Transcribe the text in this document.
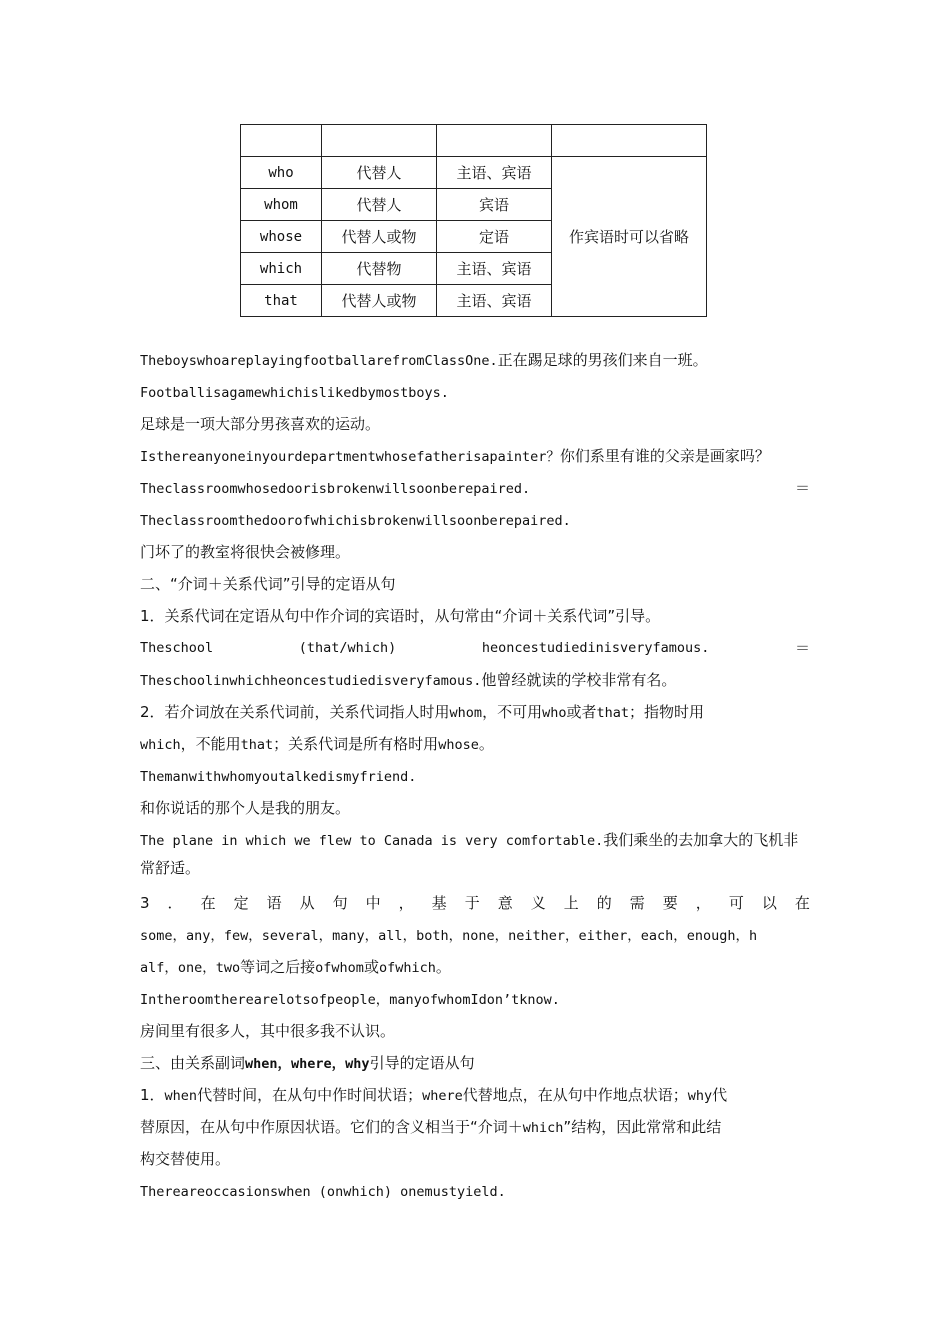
who	代替人	主语、宾语	作宾语时可以省略
whom	代替人	宾语	
whose	代替人或物	定语	
which	代替物	主语、宾语	
that	代替人或物	主语、宾语	
TheboyswhoareplayingfootballarefromClassOne.正在踢足球的男孩们来自一班。
Footballisagamewhichislikedbymostboys.
足球是一项大部分男孩喜欢的运动。
Isthereanyoneinyourdepartmentwhosefatherisapainter？你们系里有谁的父亲是画家吗？
Theclassroomwhosedoorisbrokenwillsoonberepaired.	＝
Theclassroomthedoorofwhichisbrokenwillsoonberepaired.
门坏了的教室将很快会被修理。
二、“介词＋关系代词”引导的定语从句
1．关系代词在定语从句中作介词的宾语时，从句常由“介词＋关系代词”引导。
Theschool	(that/which)	heoncestudiedinisveryfamous.	＝
Theschoolinwhichheoncestudiedisveryfamous.他曾经就读的学校非常有名。
2．若介词放在关系代词前，关系代词指人时用whom，不可用who或者that；指物时用
which，不能用that；关系代词是所有格时用whose。
Themanwithwhomyoutalkedismyfriend.
和你说话的那个人是我的朋友。
The plane in which we flew to Canada is very comfortable.我们乘坐的去加拿大的飞机非
常舒适。
3 ． 在 定 语 从 句 中 ， 基 于 意 义 上 的 需 要 ， 可 以 在
some，any，few，several，many，all，both，none，neither，either，each，enough，h
alf，one，two等词之后接ofwhom或ofwhich。
Intheroomtherearelotsofpeople，manyofwhomIdon’tknow.
房间里有很多人，其中很多我不认识。
三、由关系副词when，where，why引导的定语从句
1．when代替时间，在从句中作时间状语；where代替地点，在从句中作地点状语；why代
替原因，在从句中作原因状语。它们的含义相当于“介词＋which”结构，因此常常和此结
构交替使用。
Thereareoccasionswhen (onwhich) onemustyield.
